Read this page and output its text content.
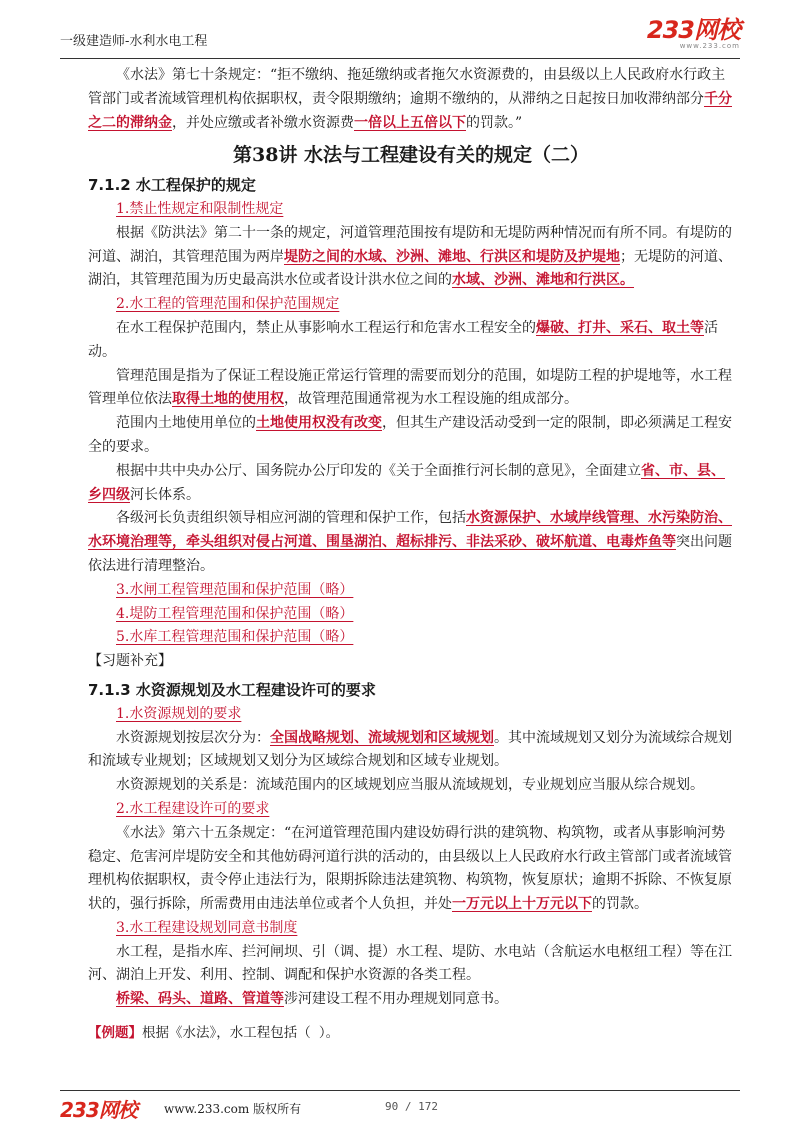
一级建造师-水利水电工程	233网校
www.233.com

《水法》第七十条规定：“拒不缴纳、拖延缴纳或者拖欠水资源费的，由县级以上人民政府水行政主管部门或者流域管理机构依据职权，责令限期缴纳；逾期不缴纳的，从滞纳之日起按日加收滞纳部分千分之二的滞纳金，并处应缴或者补缴水资源费一倍以上五倍以下的罚款。”

第38讲 水法与工程建设有关的规定（二）

7.1.2 水工程保护的规定

1.禁止性规定和限制性规定

根据《防洪法》第二十一条的规定，河道管理范围按有堤防和无堤防两种情况而有所不同。有堤防的河道、湖泊，其管理范围为两岸堤防之间的水域、沙洲、滩地、行洪区和堤防及护堤地；无堤防的河道、湖泊，其管理范围为历史最高洪水位或者设计洪水位之间的水域、沙洲、滩地和行洪区。

2.水工程的管理范围和保护范围规定

在水工程保护范围内，禁止从事影响水工程运行和危害水工程安全的爆破、打井、采石、取土等活动。

管理范围是指为了保证工程设施正常运行管理的需要而划分的范围，如堤防工程的护堤地等，水工程管理单位依法取得土地的使用权，故管理范围通常视为水工程设施的组成部分。

范围内土地使用单位的土地使用权没有改变，但其生产建设活动受到一定的限制，即必须满足工程安全的要求。

根据中共中央办公厅、国务院办公厅印发的《关于全面推行河长制的意见》，全面建立省、市、县、乡四级河长体系。

各级河长负责组织领导相应河湖的管理和保护工作，包括水资源保护、水域岸线管理、水污染防治、水环境治理等，牵头组织对侵占河道、围垦湖泊、超标排污、非法采砂、破坏航道、电毒炸鱼等突出问题依法进行清理整治。

3.水闸工程管理范围和保护范围（略）

4.堤防工程管理范围和保护范围（略）

5.水库工程管理范围和保护范围（略）

【习题补充】

7.1.3 水资源规划及水工程建设许可的要求

1.水资源规划的要求

水资源规划按层次分为：全国战略规划、流域规划和区域规划。其中流域规划又划分为流域综合规划和流域专业规划；区域规划又划分为区域综合规划和区域专业规划。

水资源规划的关系是：流域范围内的区域规划应当服从流域规划，专业规划应当服从综合规划。

2.水工程建设许可的要求

《水法》第六十五条规定：“在河道管理范围内建设妨碍行洪的建筑物、构筑物，或者从事影响河势稳定、危害河岸堤防安全和其他妨碍河道行洪的活动的，由县级以上人民政府水行政主管部门或者流域管理机构依据职权，责令停止违法行为，限期拆除违法建筑物、构筑物，恢复原状；逾期不拆除、不恢复原状的，强行拆除，所需费用由违法单位或者个人负担，并处一万元以上十万元以下的罚款。

3.水工程建设规划同意书制度

水工程，是指水库、拦河闸坝、引（调、提）水工程、堤防、水电站（含航运水电枢纽工程）等在江河、湖泊上开发、利用、控制、调配和保护水资源的各类工程。

桥梁、码头、道路、管道等涉河建设工程不用办理规划同意书。

【例题】根据《水法》，水工程包括（ ）。

233网校 www.233.com 版权所有	90 / 172
